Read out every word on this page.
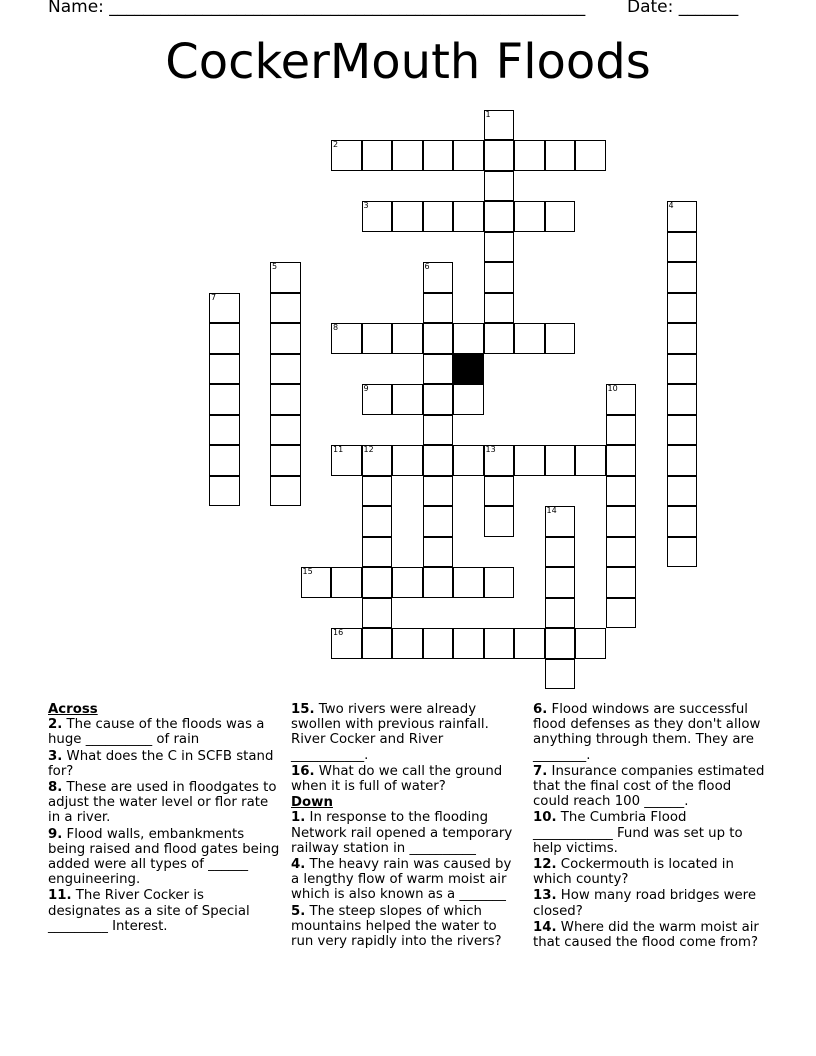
Name: ________________________________________________________ Date: _______
CockerMouth Floods
2
3
8
9
11	12	13
15
16
1
4
5	6
7
10
14
Across

2. The cause of the floods was a huge __________ of rain

3. What does the C in SCFB stand for?

8. These are used in floodgates to adjust the water level or flor rate in a river.

9. Flood walls, embankments being raised and flood gates being added were all types of ______ enguineering.

11. The River Cocker is designates as a site of Special _________ Interest.

15. Two rivers were already swollen with previous rainfall. River Cocker and River ___________.

16. What do we call the ground when it is full of water?

Down

1. In response to the flooding Network rail opened a temporary railway station in __________

4. The heavy rain was caused by a lengthy flow of warm moist air which is also known as a _______

5. The steep slopes of which mountains helped the water to run very rapidly into the rivers?

6. Flood windows are successful flood defenses as they don't allow anything through them. They are ________.

7. Insurance companies estimated that the final cost of the flood could reach 100 ______.

10. The Cumbria Flood ____________ Fund was set up to help victims.

12. Cockermouth is located in which county?

13. How many road bridges were closed?

14. Where did the warm moist air that caused the flood come from?
